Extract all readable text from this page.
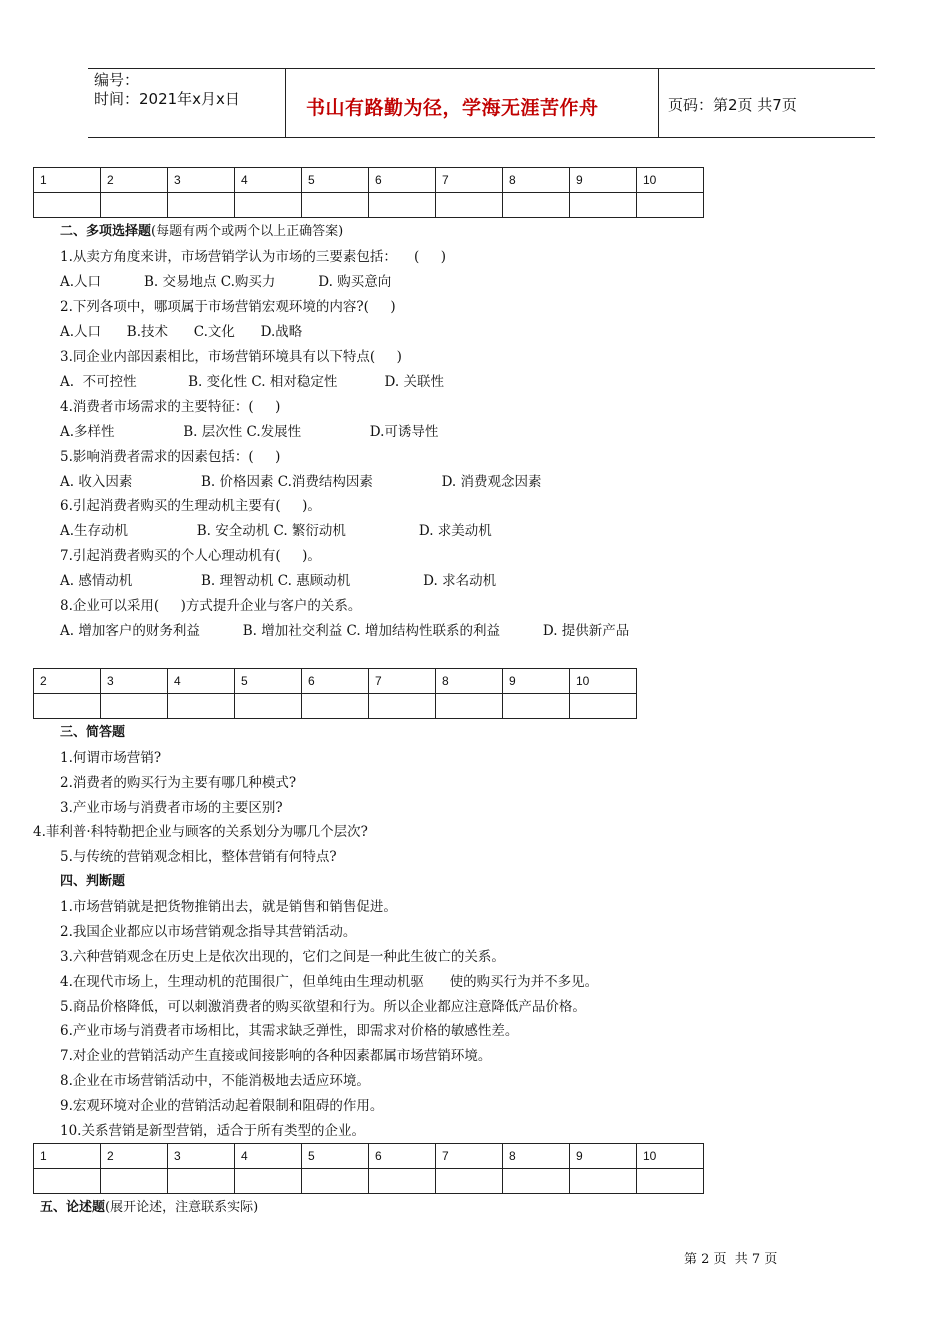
编号：
时间：2021年x月x日	书山有路勤为径，学海无涯苦作舟	页码：第2页 共7页
1	2	3	4	5	6	7	8	9	10

二、多项选择题(每题有两个或两个以上正确答案)
1.从卖方角度来讲，市场营销学认为市场的三要素包括：    (     )
A.人口          B. 交易地点 C.购买力          D. 购买意向
2.下列各项中，哪项属于市场营销宏观环境的内容?(     )
A.人口      B.技术      C.文化      D.战略
3.同企业内部因素相比，市场营销环境具有以下特点(     )
A.  不可控性            B. 变化性 C. 相对稳定性           D. 关联性
4.消费者市场需求的主要特征：(     )
A.多样性                B. 层次性 C.发展性                D.可诱导性
5.影响消费者需求的因素包括：(     )
A. 收入因素                B. 价格因素 C.消费结构因素                D. 消费观念因素
6.引起消费者购买的生理动机主要有(     )。
A.生存动机                B. 安全动机 C. 繁衍动机                 D. 求美动机
7.引起消费者购买的个人心理动机有(     )。
A. 感情动机                B. 理智动机 C. 惠顾动机                 D. 求名动机
8.企业可以采用(     )方式提升企业与客户的关系。
A. 增加客户的财务利益          B. 增加社交利益 C. 增加结构性联系的利益          D. 提供新产品
2	3	4	5	6	7	8	9	10

三、简答题
1.何谓市场营销?
2.消费者的购买行为主要有哪几种模式?
3.产业市场与消费者市场的主要区别?
4.菲利普·科特勒把企业与顾客的关系划分为哪几个层次?
5.与传统的营销观念相比，整体营销有何特点?
四、判断题
1.市场营销就是把货物推销出去，就是销售和销售促进。
2.我国企业都应以市场营销观念指导其营销活动。
3.六种营销观念在历史上是依次出现的，它们之间是一种此生彼亡的关系。
4.在现代市场上，生理动机的范围很广，但单纯由生理动机驱      使的购买行为并不多见。
5.商品价格降低，可以刺激消费者的购买欲望和行为。所以企业都应注意降低产品价格。
6.产业市场与消费者市场相比，其需求缺乏弹性，即需求对价格的敏感性差。
7.对企业的营销活动产生直接或间接影响的各种因素都属市场营销环境。
8.企业在市场营销活动中，不能消极地去适应环境。
9.宏观环境对企业的营销活动起着限制和阻碍的作用。
10.关系营销是新型营销，适合于所有类型的企业。
1	2	3	4	5	6	7	8	9	10

五、论述题(展开论述，注意联系实际)
第 2 页  共 7 页
